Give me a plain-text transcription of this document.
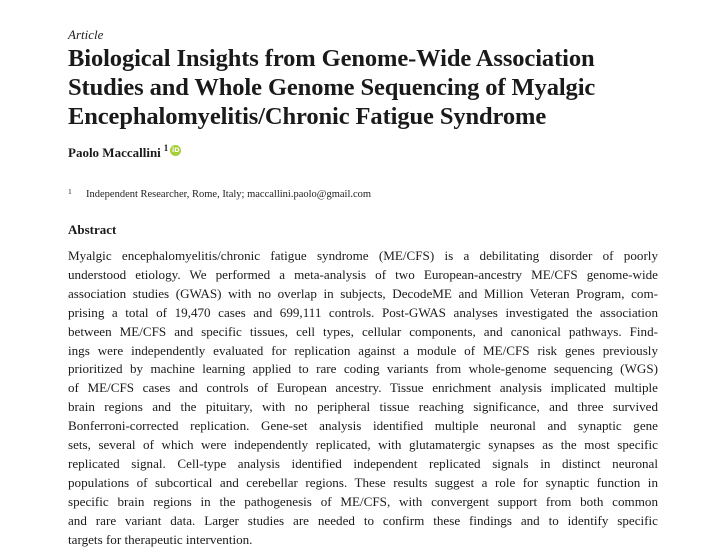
Article
Biological Insights from Genome-Wide Association Studies and Whole Genome Sequencing of Myalgic Encephalomyelitis/Chronic Fatigue Syndrome
Paolo Maccallini 1 iD
1	Independent Researcher, Rome, Italy; maccallini.paolo@gmail.com
Abstract
Myalgic encephalomyelitis/chronic fatigue syndrome (ME/CFS) is a debilitating disorder of poorly
understood etiology. We performed a meta-analysis of two European-ancestry ME/CFS genome-wide
association studies (GWAS) with no overlap in subjects, DecodeME and Million Veteran Program, com-
prising a total of 19,470 cases and 699,111 controls. Post-GWAS analyses investigated the association
between ME/CFS and specific tissues, cell types, cellular components, and canonical pathways. Find-
ings were independently evaluated for replication against a module of ME/CFS risk genes previously
prioritized by machine learning applied to rare coding variants from whole-genome sequencing (WGS)
of ME/CFS cases and controls of European ancestry. Tissue enrichment analysis implicated multiple
brain regions and the pituitary, with no peripheral tissue reaching significance, and three survived
Bonferroni-corrected replication. Gene-set analysis identified multiple neuronal and synaptic gene
sets, several of which were independently replicated, with glutamatergic synapses as the most specific
replicated signal. Cell-type analysis identified independent replicated signals in distinct neuronal
populations of subcortical and cerebellar regions. These results suggest a role for synaptic function in
specific brain regions in the pathogenesis of ME/CFS, with convergent support from both common
and rare variant data. Larger studies are needed to confirm these findings and to identify specific
targets for therapeutic intervention.
